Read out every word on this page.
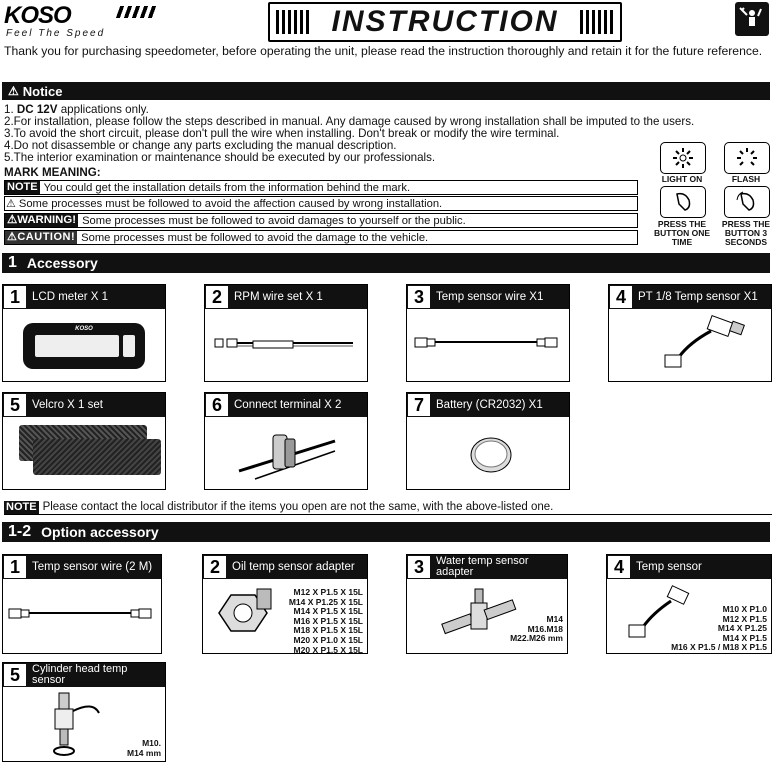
KOSO
Feel The Speed	INSTRUCTION
Thank you for purchasing speedometer, before operating the unit, please read the instruction thoroughly and retain it for the future reference.
⚠ Notice
1. DC 12V applications only.
2.For installation, please follow the steps described in manual. Any damage caused by wrong installation shall be imputed to the users.
3.To avoid the short circuit, please don't pull the wire when installing. Don't break or modify the wire terminal.
4.Do not disassemble or change any parts excluding the manual description.
5.The interior examination or maintenance should be executed by our professionals.
MARK MEANING:
NOTE You could get the installation details from the information behind the mark.
⚠ Some processes must be followed to avoid the affection caused by wrong installation.
⚠WARNING! Some processes must be followed to avoid damages to yourself or the public.
⚠CAUTION! Some processes must be followed to avoid the damage to the vehicle.
LIGHT ON	FLASH
PRESS THE BUTTON ONE TIME
PRESS THE BUTTON 3 SECONDS
1 Accessory
1	LCD meter X 1
KOSO
2	RPM wire set X 1	3	Temp sensor wire X1	4	PT 1/8 Temp sensor X1
5	Velcro X 1 set	6	Connect terminal X 2	7	Battery (CR2032) X1
NOTE Please contact the local distributor if the items you open are not the same, with the above-listed one.
1-2 Option accessory
1	Temp sensor wire (2 M)	2	Oil temp sensor adapter
M12 X P1.5 X 15L
M14 X P1.25 X 15L
M14 X P1.5 X 15L
M16 X P1.5 X 15L
M18 X P1.5 X 15L
M20 X P1.0 X 15L
M20 X P1.5 X 15L
3	Water temp sensor adapter
M14
M16.M18
M22.M26 mm
4	Temp sensor
M10 X P1.0
M12 X P1.5
M14 X P1.25
M14 X P1.5
M16 X P1.5 / M18 X P1.5
5	Cylinder head temp sensor
M10.
M14 mm
